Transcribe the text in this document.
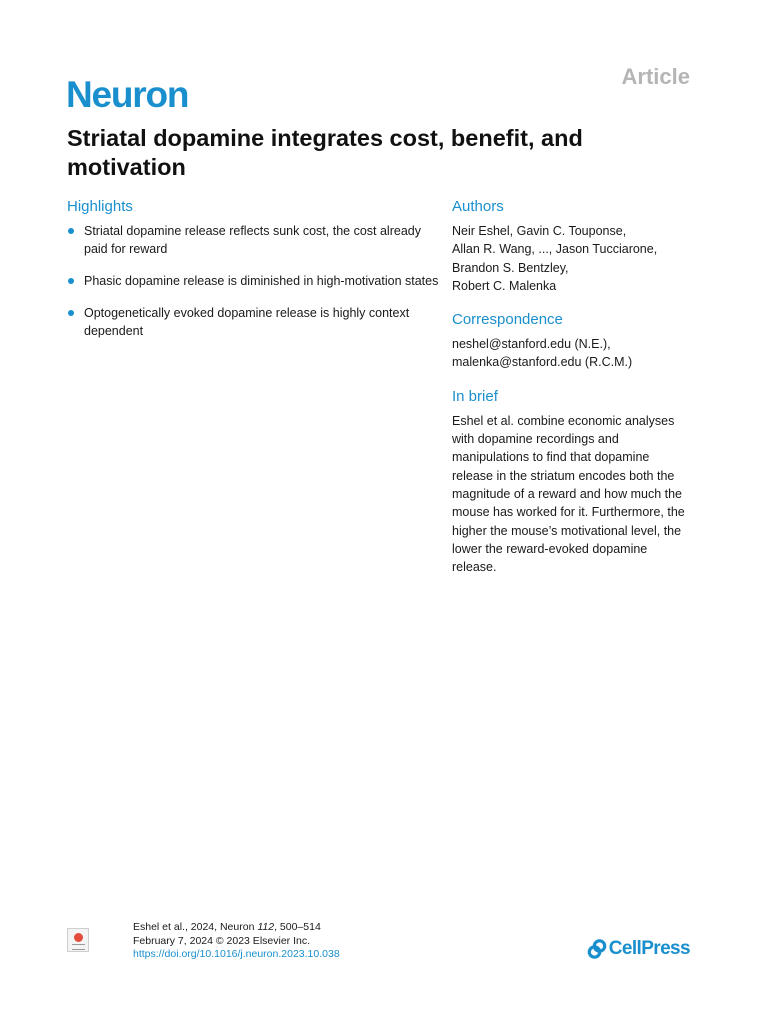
Neuron	Article
Striatal dopamine integrates cost, benefit, and motivation
Highlights
Striatal dopamine release reflects sunk cost, the cost already paid for reward
Phasic dopamine release is diminished in high-motivation states
Optogenetically evoked dopamine release is highly context dependent
Authors

Neir Eshel, Gavin C. Touponse,
Allan R. Wang, ..., Jason Tucciarone,
Brandon S. Bentzley,
Robert C. Malenka

Correspondence

neshel@stanford.edu (N.E.),
malenka@stanford.edu (R.C.M.)

In brief

Eshel et al. combine economic analyses
with dopamine recordings and
manipulations to find that dopamine
release in the striatum encodes both the
magnitude of a reward and how much the
mouse has worked for it. Furthermore, the
higher the mouse’s motivational level, the
lower the reward-evoked dopamine
release.

Eshel et al., 2024, Neuron 112, 500–514
February 7, 2024 © 2023 Elsevier Inc.
https://doi.org/10.1016/j.neuron.2023.10.038	CellPress
